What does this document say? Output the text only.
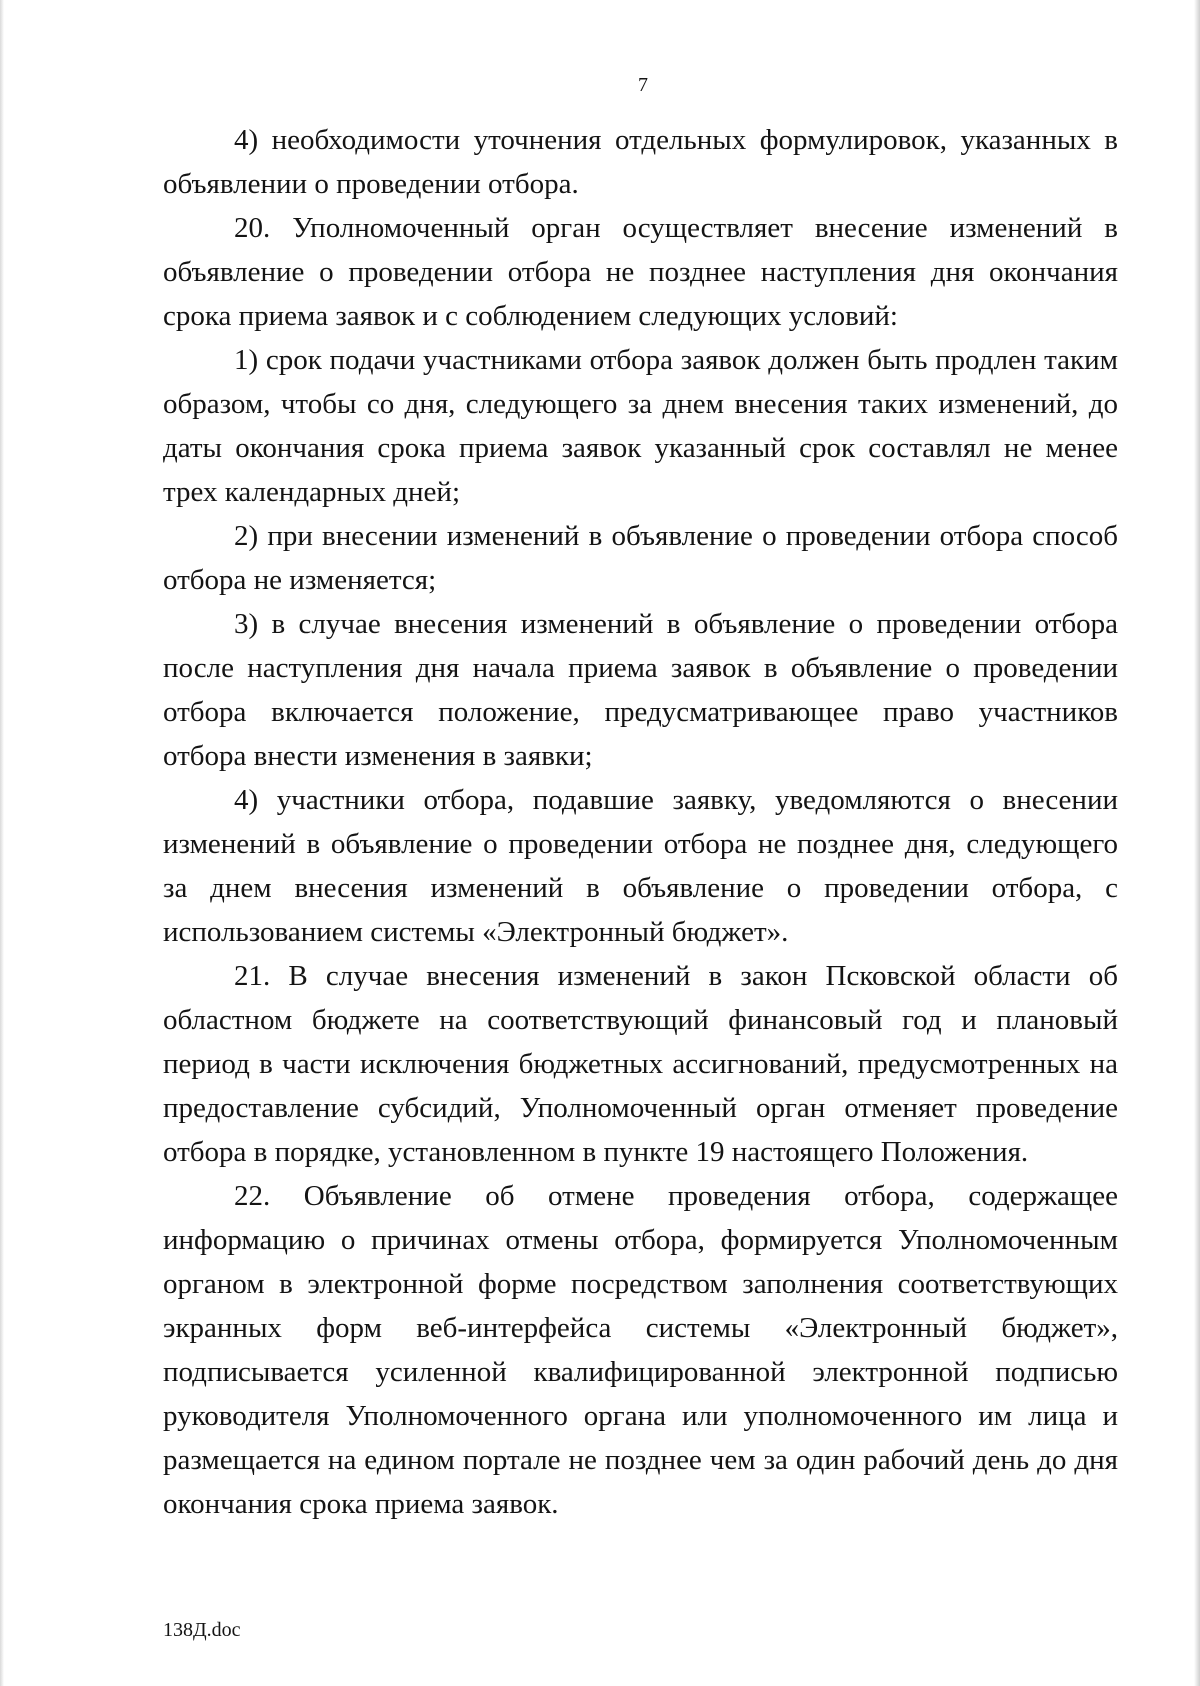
7

4) необходимости уточнения отдельных формулировок, указанных в объявлении о проведении отбора.

20. Уполномоченный орган осуществляет внесение изменений в объявление о проведении отбора не позднее наступления дня окончания срока приема заявок и с соблюдением следующих условий:

1) срок подачи участниками отбора заявок должен быть продлен таким образом, чтобы со дня, следующего за днем внесения таких изменений, до даты окончания срока приема заявок указанный срок составлял не менее трех календарных дней;

2) при внесении изменений в объявление о проведении отбора способ отбора не изменяется;

3) в случае внесения изменений в объявление о проведении отбора после наступления дня начала приема заявок в объявление о проведении отбора включается положение, предусматривающее право участников отбора внести изменения в заявки;

4) участники отбора, подавшие заявку, уведомляются о внесении изменений в объявление о проведении отбора не позднее дня, следующего за днем внесения изменений в объявление о проведении отбора, с использованием системы «Электронный бюджет».

21. В случае внесения изменений в закон Псковской области об областном бюджете на соответствующий финансовый год и плановый период в части исключения бюджетных ассигнований, предусмотренных на предоставление субсидий, Уполномоченный орган отменяет проведение отбора в порядке, установленном в пункте 19 настоящего Положения.

22. Объявление об отмене проведения отбора, содержащее информацию о причинах отмены отбора, формируется Уполномоченным органом в электронной форме посредством заполнения соответствующих экранных форм веб-интерфейса системы «Электронный бюджет», подписывается усиленной квалифицированной электронной подписью руководителя Уполномоченного органа или уполномоченного им лица и размещается на едином портале не позднее чем за один рабочий день до дня окончания срока приема заявок.

138Д.doc
